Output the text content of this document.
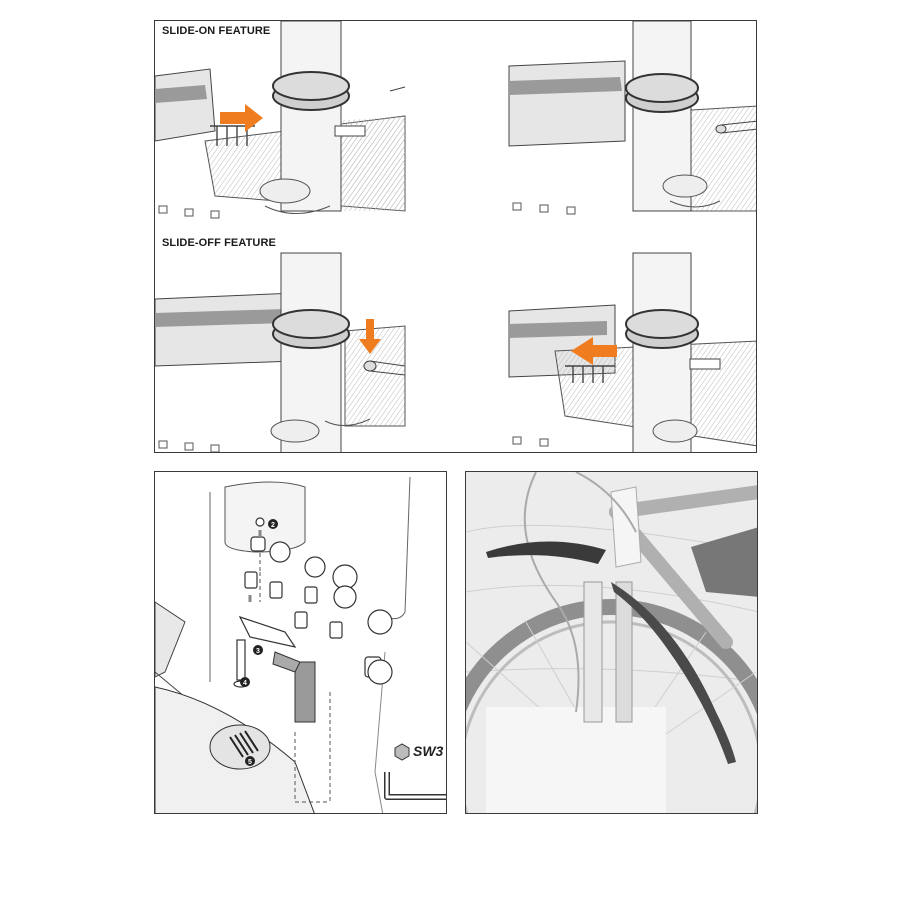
SLIDE-ON FEATURE
SLIDE-OFF FEATURE
2
3
4
5
SW3
